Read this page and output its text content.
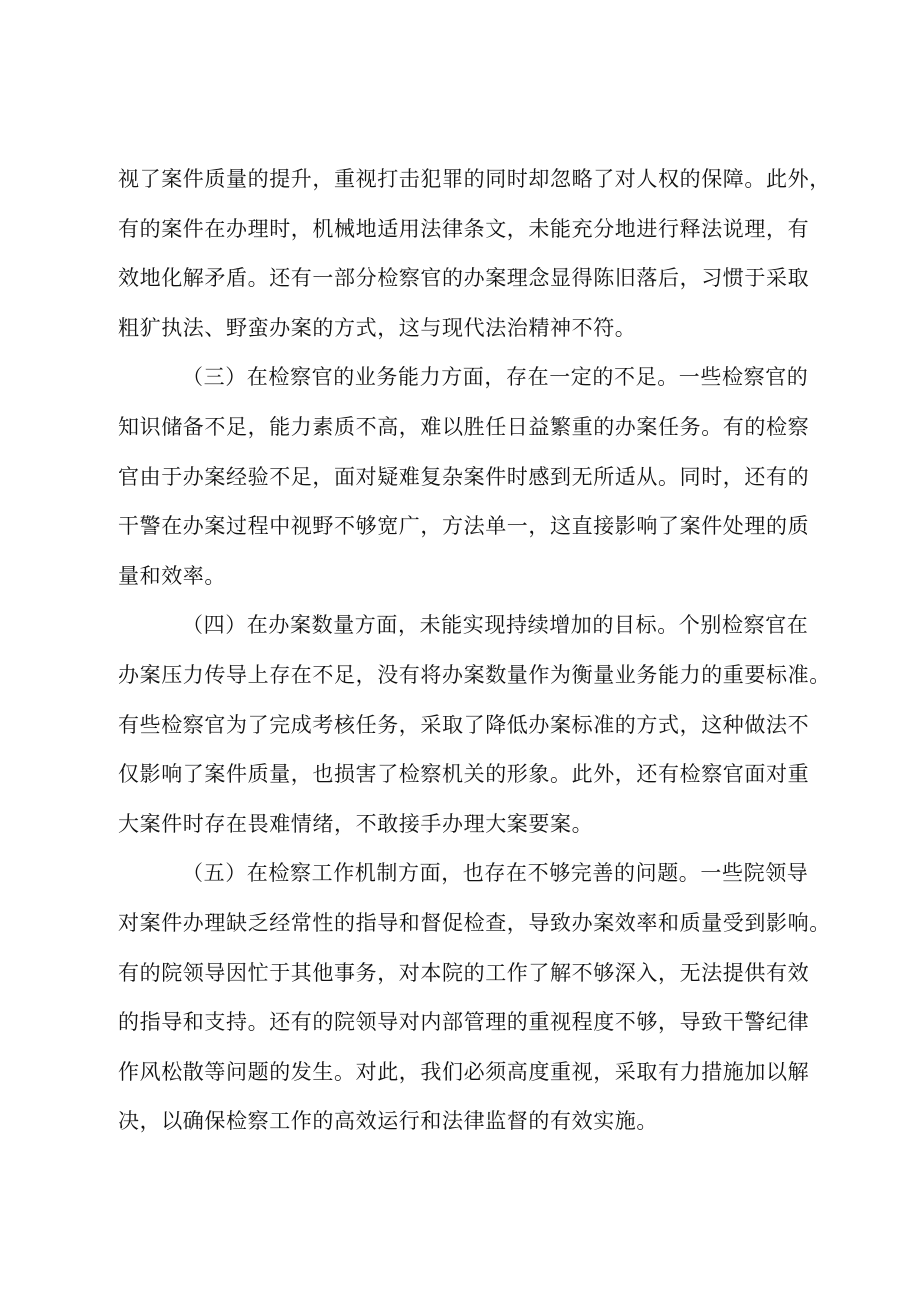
视了案件质量的提升，重视打击犯罪的同时却忽略了对人权的保障。此外，
有的案件在办理时，机械地适用法律条文，未能充分地进行释法说理，有
效地化解矛盾。还有一部分检察官的办案理念显得陈旧落后，习惯于采取
粗犷执法、野蛮办案的方式，这与现代法治精神不符。
（三）在检察官的业务能力方面，存在一定的不足。一些检察官的
知识储备不足，能力素质不高，难以胜任日益繁重的办案任务。有的检察
官由于办案经验不足，面对疑难复杂案件时感到无所适从。同时，还有的
干警在办案过程中视野不够宽广，方法单一，这直接影响了案件处理的质
量和效率。
（四）在办案数量方面，未能实现持续增加的目标。个别检察官在
办案压力传导上存在不足，没有将办案数量作为衡量业务能力的重要标准。
有些检察官为了完成考核任务，采取了降低办案标准的方式，这种做法不
仅影响了案件质量，也损害了检察机关的形象。此外，还有检察官面对重
大案件时存在畏难情绪，不敢接手办理大案要案。
（五）在检察工作机制方面，也存在不够完善的问题。一些院领导
对案件办理缺乏经常性的指导和督促检查，导致办案效率和质量受到影响。
有的院领导因忙于其他事务，对本院的工作了解不够深入，无法提供有效
的指导和支持。还有的院领导对内部管理的重视程度不够，导致干警纪律
作风松散等问题的发生。对此，我们必须高度重视，采取有力措施加以解
决，以确保检察工作的高效运行和法律监督的有效实施。
